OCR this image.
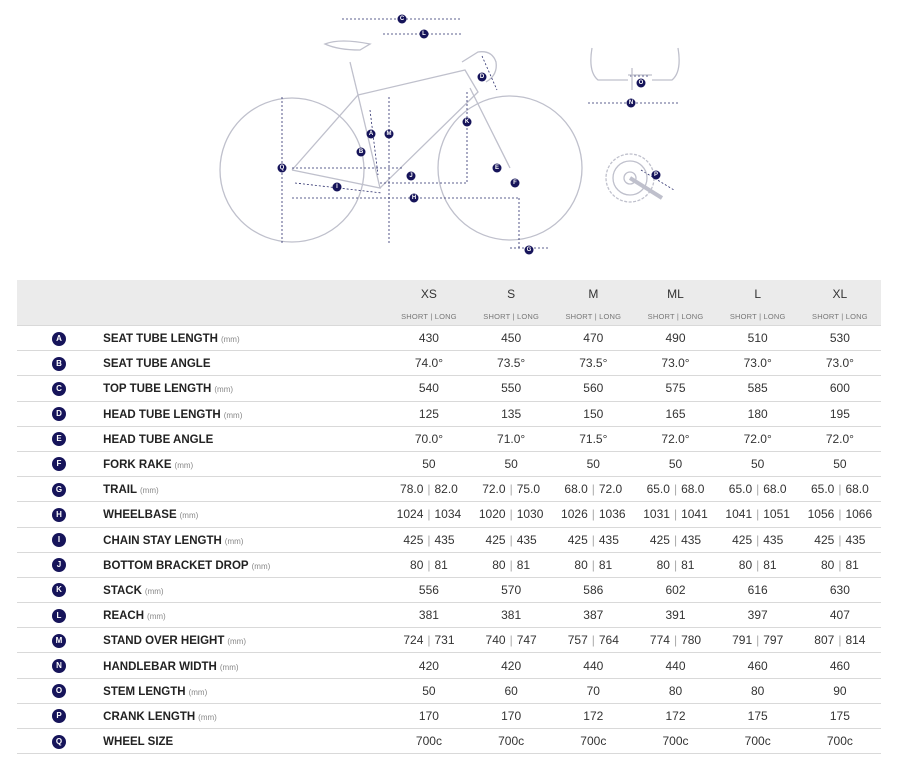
C
L
D
A M
K
B
Q	E
J
F
I
H
G
O
N
P
		XS	S	M	ML	L	XL
		SHORT | LONG	SHORT | LONG	SHORT | LONG	SHORT | LONG	SHORT | LONG	SHORT | LONG
A	SEAT TUBE LENGTH (mm)	430	450	470	490	510	530
B	SEAT TUBE ANGLE	74.0°	73.5°	73.5°	73.0°	73.0°	73.0°
C	TOP TUBE LENGTH (mm)	540	550	560	575	585	600
D	HEAD TUBE LENGTH (mm)	125	135	150	165	180	195
E	HEAD TUBE ANGLE	70.0°	71.0°	71.5°	72.0°	72.0°	72.0°
F	FORK RAKE (mm)	50	50	50	50	50	50
G	TRAIL (mm)	78.0 | 82.0	72.0 | 75.0	68.0 | 72.0	65.0 | 68.0	65.0 | 68.0	65.0 | 68.0
H	WHEELBASE (mm)	1024 | 1034	1020 | 1030	1026 | 1036	1031 | 1041	1041 | 1051	1056 | 1066
I	CHAIN STAY LENGTH (mm)	425 | 435	425 | 435	425 | 435	425 | 435	425 | 435	425 | 435
J	BOTTOM BRACKET DROP (mm)	80 | 81	80 | 81	80 | 81	80 | 81	80 | 81	80 | 81
K	STACK (mm)	556	570	586	602	616	630
L	REACH (mm)	381	381	387	391	397	407
M	STAND OVER HEIGHT (mm)	724 | 731	740 | 747	757 | 764	774 | 780	791 | 797	807 | 814
N	HANDLEBAR WIDTH (mm)	420	420	440	440	460	460
O	STEM LENGTH (mm)	50	60	70	80	80	90
P	CRANK LENGTH (mm)	170	170	172	172	175	175
Q	WHEEL SIZE	700c	700c	700c	700c	700c	700c
